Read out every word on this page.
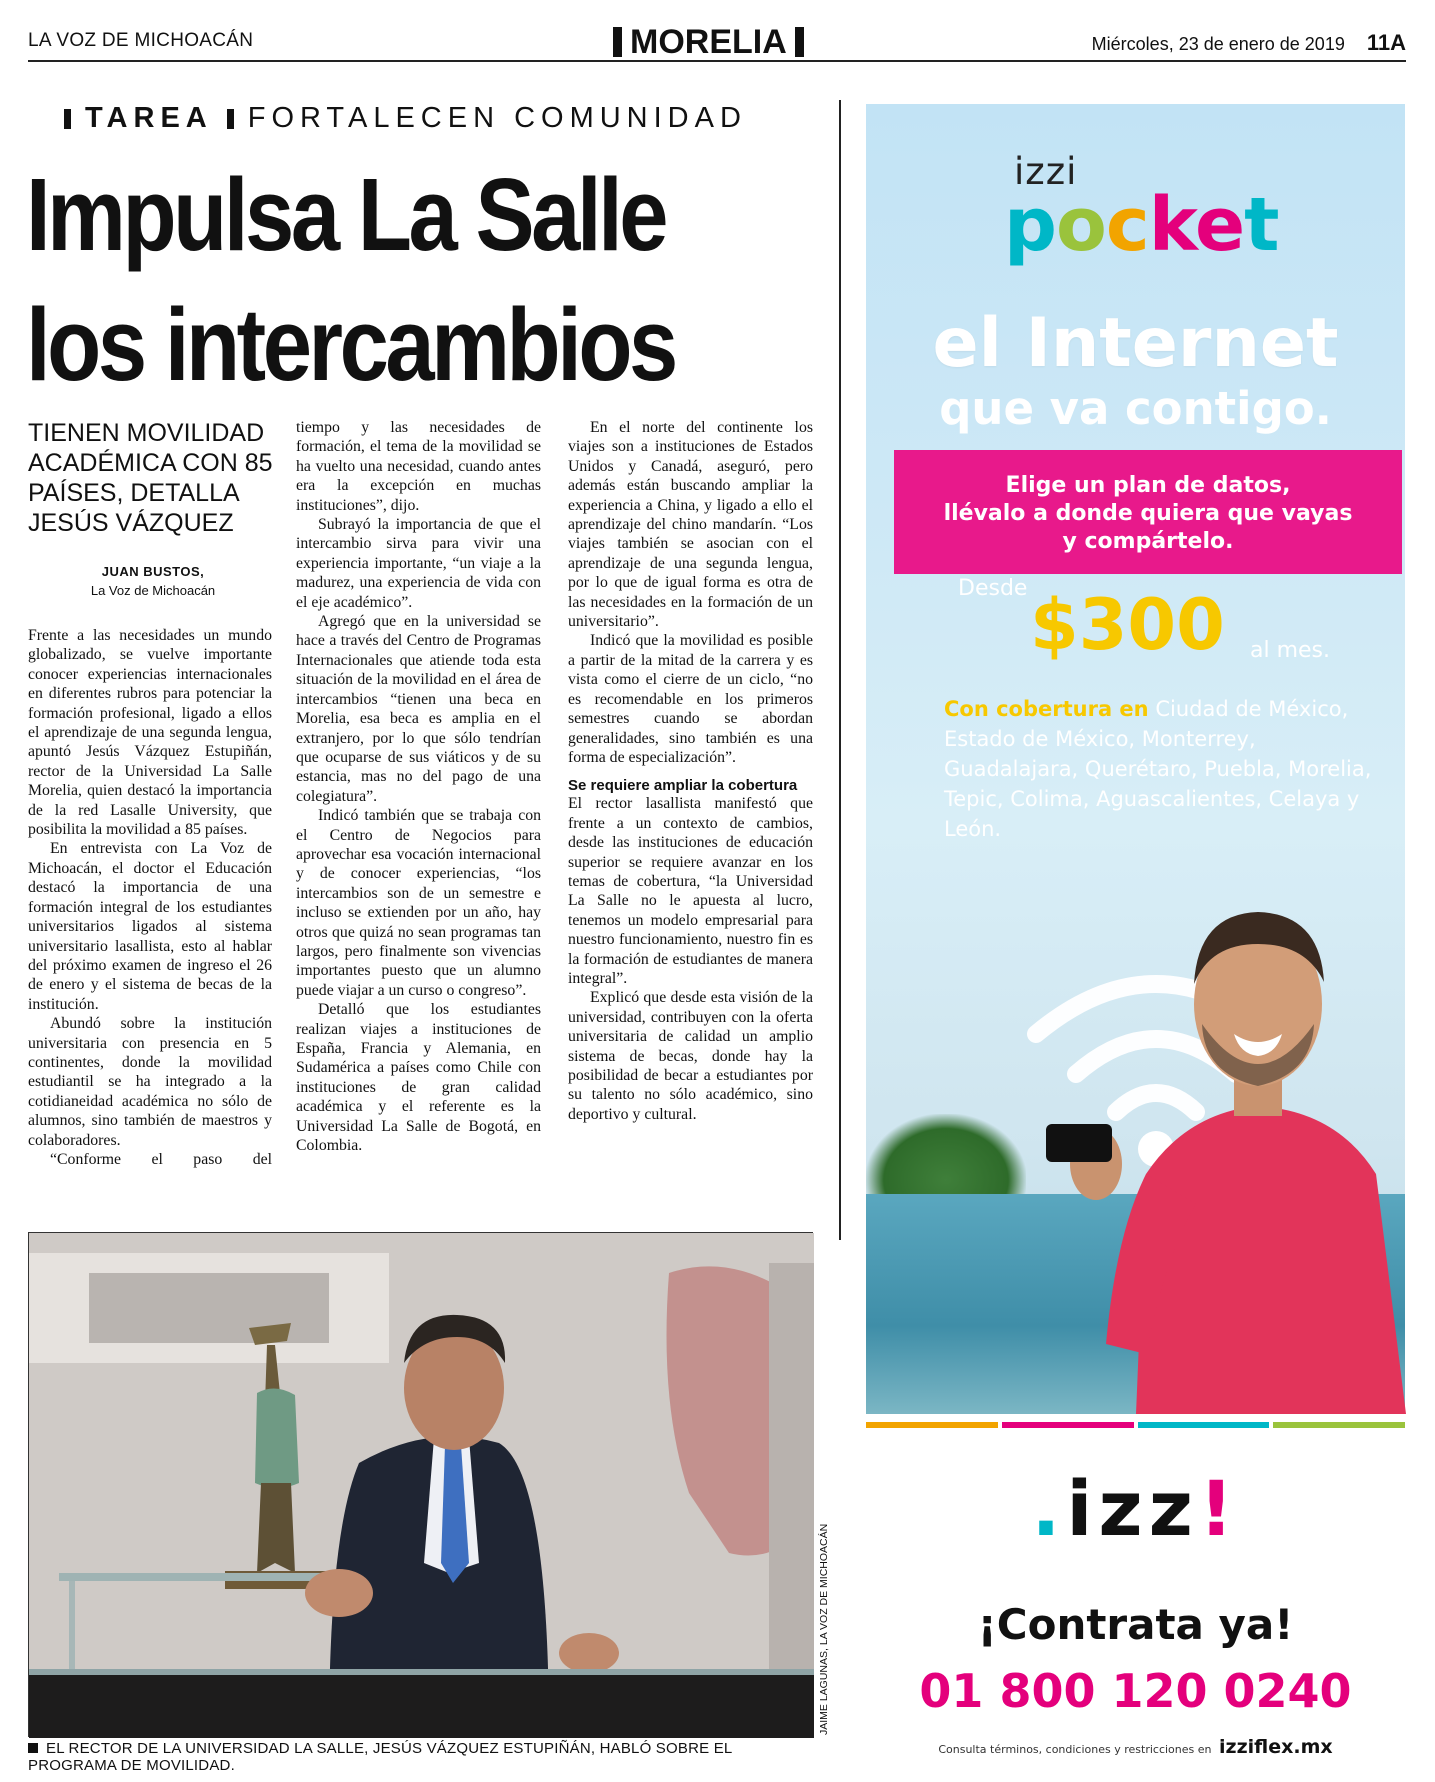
LA VOZ DE MICHOACÁN	MORELIA	Miércoles, 23 de enero de 2019 11A
TAREA FORTALECEN COMUNIDAD
Impulsa La Salle
los intercambios
TIENEN MOVILIDAD ACADÉMICA CON 85 PAÍSES, DETALLA JESÚS VÁZQUEZ
JUAN BUSTOS,
La Voz de Michoacán

Frente a las necesidades un mundo globalizado, se vuelve importante conocer experiencias internacionales en diferentes rubros para potenciar la formación profesional, ligado a ellos el aprendizaje de una segunda lengua, apuntó Jesús Vázquez Estupiñán, rector de la Universidad La Salle Morelia, quien destacó la importancia de la red Lasalle University, que posibilita la movilidad a 85 países.

En entrevista con La Voz de Michoacán, el doctor el Educación destacó la importancia de una formación integral de los estudiantes universitarios ligados al sistema universitario lasallista, esto al hablar del próximo examen de ingreso el 26 de enero y el sistema de becas de la institución.

Abundó sobre la institución universitaria con presencia en 5 continentes, donde la movilidad estudiantil se ha integrado a la cotidianeidad académica no sólo de alumnos, sino también de maestros y colaboradores.

“Conforme el paso del

tiempo y las necesidades de formación, el tema de la movilidad se ha vuelto una necesidad, cuando antes era la excepción en muchas instituciones”, dijo.

Subrayó la importancia de que el intercambio sirva para vivir una experiencia importante, “un viaje a la madurez, una experiencia de vida con el eje académico”.

Agregó que en la universidad se hace a través del Centro de Programas Internacionales que atiende toda esta situación de la movilidad en el área de intercambios “tienen una beca en Morelia, esa beca es amplia en el extranjero, por lo que sólo tendrían que ocuparse de sus viáticos y de su estancia, mas no del pago de una colegiatura”.

Indicó también que se trabaja con el Centro de Negocios para aprovechar esa vocación internacional y de conocer experiencias, “los intercambios son de un semestre e incluso se extienden por un año, hay otros que quizá no sean programas tan largos, pero finalmente son vivencias importantes puesto que un alumno puede viajar a un curso o congreso”.

Detalló que los estudiantes realizan viajes a instituciones de España, Francia y Alemania, en Sudamérica a países como Chile con instituciones de gran calidad académica y el referente es la Universidad La Salle de Bogotá, en Colombia.

En el norte del continente los viajes son a instituciones de Estados Unidos y Canadá, aseguró, pero además están buscando ampliar la experiencia a China, y ligado a ello el aprendizaje del chino mandarín. “Los viajes también se asocian con el aprendizaje de una segunda lengua, por lo que de igual forma es otra de las necesidades en la formación de un universitario”.

Indicó que la movilidad es posible a partir de la mitad de la carrera y es vista como el cierre de un ciclo, “no es recomendable en los primeros semestres cuando se abordan generalidades, sino también es una forma de especialización”.

Se requiere ampliar la cobertura

El rector lasallista manifestó que frente a un contexto de cambios, desde las instituciones de educación superior se requiere avanzar en los temas de cobertura, “la Universidad La Salle no le apuesta al lucro, tenemos un modelo empresarial para nuestro funcionamiento, nuestro fin es la formación de estudiantes de manera integral”.

Explicó que desde esta visión de la universidad, contribuyen con la oferta universitaria de calidad un amplio sistema de becas, donde hay la posibilidad de becar a estudiantes por su talento no sólo académico, sino deportivo y cultural.

JAIME LAGUNAS, LA VOZ DE MICHOACÁN
EL RECTOR DE LA UNIVERSIDAD LA SALLE, JESÚS VÁZQUEZ ESTUPIÑÁN, HABLÓ SOBRE EL PROGRAMA DE MOVILIDAD.
izzi
pocket
el Internet
que va contigo.
Elige un plan de datos,
llévalo a donde quiera que vayas
y compártelo.
Desde $300 al mes.
Con cobertura en Ciudad de México, Estado de México, Monterrey, Guadalajara, Querétaro, Puebla, Morelia, Tepic, Colima, Aguascalientes, Celaya y León.
.izz!
¡Contrata ya!
01 800 120 0240
Consulta términos, condiciones y restricciones en izziflex.mx
